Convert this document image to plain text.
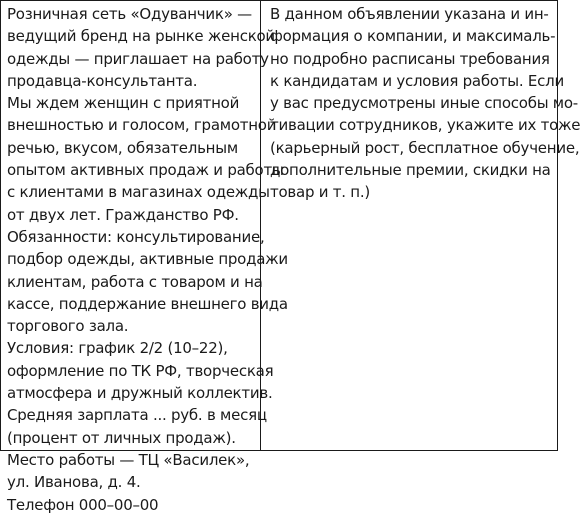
Розничная сеть «Одуванчик» —
ведущий бренд на рынке женской
одежды — приглашает на работу
продавца-консультанта.
Мы ждем женщин с приятной
внешностью и голосом, грамотной
речью, вкусом, обязательным
опытом активных продаж и работы
с клиентами в магазинах одежды
от двух лет. Гражданство РФ.
Обязанности: консультирование,
подбор одежды, активные продажи
клиентам, работа с товаром и на
кассе, поддержание внешнего вида
торгового зала.
Условия: график 2/2 (10–22),
оформление по ТК РФ, творческая
атмосфера и дружный коллектив.
Средняя зарплата ... руб. в месяц
(процент от личных продаж).
Место работы — ТЦ «Василек»,
ул. Иванова, д. 4.
Телефон 000–00–00
В данном объявлении указана и ин-
формация о компании, и максималь-
но подробно расписаны требования
к кандидатам и условия работы. Если
у вас предусмотрены иные способы мо-
тивации сотрудников, укажите их тоже
(карьерный рост, бесплатное обучение,
дополнительные премии, скидки на
товар и т. п.)
